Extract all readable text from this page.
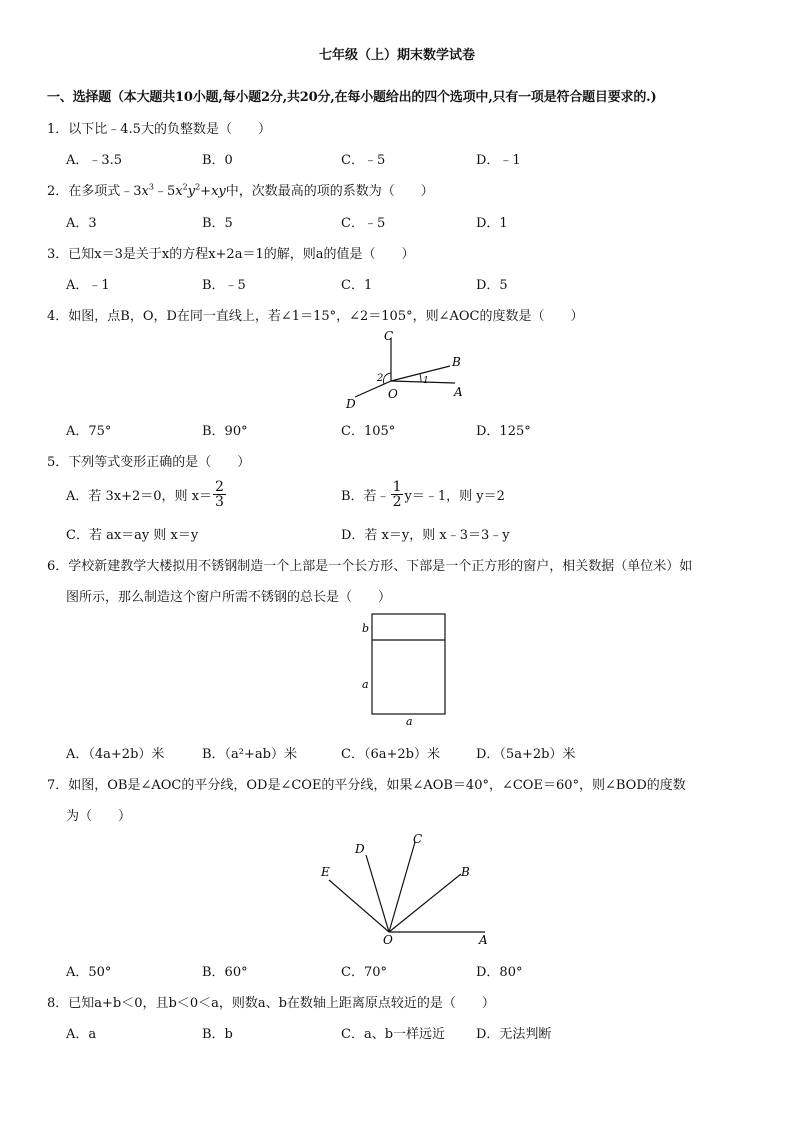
七年级（上）期末数学试卷
一、选择题（本大题共10小题,每小题2分,共20分,在每小题给出的四个选项中,只有一项是符合题目要求的.)
1．以下比﹣4.5大的负整数是（　　）
A．﹣3.5	B．0	C．﹣5	D．﹣1
2．在多项式$﹣3x^3﹣5x^2y^2+xy$中，次数最高的项的系数为（　　）
A．3	B．5	C．﹣5	D．1
3．已知x＝3是关于x的方程x+2a＝1的解，则a的值是（　　）
A．﹣1	B．﹣5	C．1	D．5
4．如图，点B，O，D在同一直线上，若∠1＝15°，∠2＝105°，则∠AOC的度数是（　　）
C
B
O	A
D
1
2
A．75°	B．90°	C．105°	D．125°
5．下列等式变形正确的是（　　）
A．若 3x+2＝0，则 $x= \frac{2}{3}$	B．若﹣ $\frac{1}{2}$ y＝﹣1，则 y＝2
C．若 ax＝ay 则 x＝y	D．若 x＝y，则 x﹣3＝3﹣y
6．学校新建教学大楼拟用不锈钢制造一个上部是一个长方形、下部是一个正方形的窗户，相关数据（单位米）如
图所示，那么制造这个窗户所需不锈钢的总长是（　　）
b
a
a
A．（4a+2b）米	B．（a²+ab）米	C．（6a+2b）米	D．（5a+2b）米
7．如图，OB是∠AOC的平分线，OD是∠COE的平分线，如果∠AOB＝40°，∠COE＝60°，则∠BOD的度数
为（　　）
D
C
E	B
O	A
A．50°	B．60°	C．70°	D．80°
8．已知a+b＜0，且b＜0＜a，则数a、b在数轴上距离原点较近的是（　　）
A．a	B．b	C．a、b一样远近 D．无法判断
